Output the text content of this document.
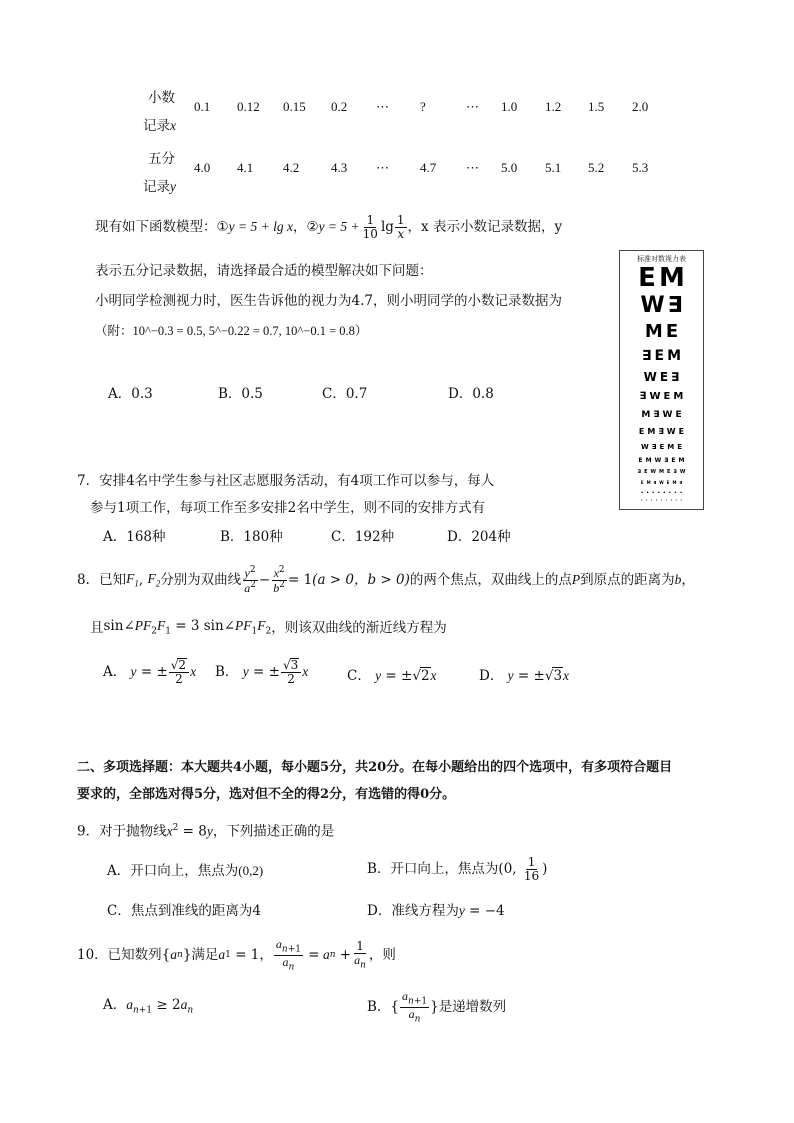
小数
记录x
0.1 0.12 0.15 0.2 ⋯ ?	⋯ 1.0 1.2 1.5 2.0
五分
记录y
4.0 4.1 4.2 4.3 ⋯ 4.7 ⋯ 5.0 5.1 5.2 5.3
现有如下函数模型： ① y = 5 + lg x ， ② $y = 5 + \frac{1}{10}$ $\lg \frac{1}{x}$ ，x 表示小数记录数据，y
表示五分记录数据，请选择最合适的模型解决如下问题：
小明同学检测视力时，医生告诉他的视力为4.7，则小明同学的小数记录数据为
（附：10^−0.3 = 0.5, 5^−0.22 = 0.7, 10^−0.1 = 0.8）
A．0.3	B．0.5	C．0.7	D．0.8
标准对数视力表
E M
W ∃
M E
∃ E M
W E ∃
∃ W E M
M ∃ W E
E M ∃ W E
W ∃ E M E
E M W ∃ E M
∃ E W M E ∃ W
E M ∃ W E M ∃
• • • • • • • •
• • • • • • • • •
7．安排4名中学生参与社区志愿服务活动，有4项工作可以参与，每人
参与1项工作，每项工作至多安排2名中学生，则不同的安排方式有
A．168种	B．180种	C．192种	D．204种
8．已知 $F_1$ , $F_2$ 分别为双曲线 $\frac{y^2}{a^2} - \frac{x^2}{b^2} = 1$ (a > 0，b > 0) 的两个焦点，双曲线上的点 P 到原点的距离为 b ，
且 $\sin\angle PF_2F_1 = 3$ $\sin\angle PF_1F_2$ ，则该双曲线的渐近线方程为
A．
y = ± $\frac{√2}{2}$ x B．
y = ± $\frac{√3}{2}$ x	C． y = ±√2x	D． y = ±√3x
二、多项选择题：本大题共4小题，每小题5分，共20分。在每小题给出的四个选项中，有多项符合题目
要求的，全部选对得5分，选对但不全的得2分，有选错的得0分。
9．对于抛物线$x^2 = 8y$，下列描述正确的是
A．开口向上，焦点为(0,2)	B．开口向上，焦点为 (0, $\frac{1}{16}$ )
C．焦点到准线的距离为4	D．准线方程为y = −4
10．已知数列 { a n } 满足 a 1 = 1， $\frac{a_{n+1}}{a_n} = a$ $n + \frac{1}{a_n}$ ，则
A．$a_{n+1} \ge 2a_n$	B． { $\frac{a_{n+1}}{a_n}$ } 是递增数列
